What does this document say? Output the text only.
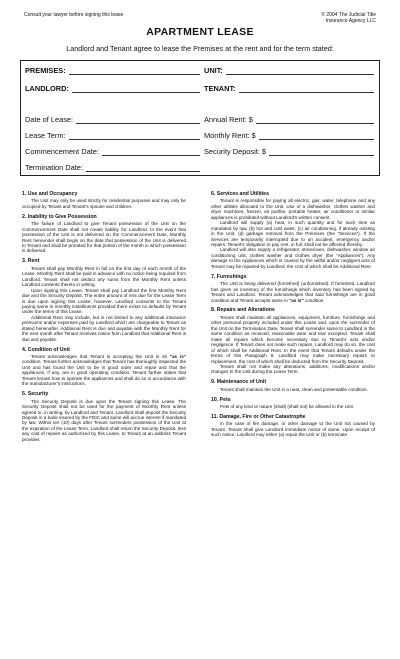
Consult your lawyer before signing this lease	© 2004 The Judicial Title
Insurance Agency LLC
APARTMENT LEASE
Landlord and Tenant agree to lease the Premises at the rent and for the term stated:
PREMISES:	UNIT:
LANDLORD:	TENANT:
Date of Lease:	Annual Rent: $
Lease Term:	Monthly Rent: $
Commencement Date:	Security Deposit: $
Termination Date:
1. Use and Occupancy

The Unit may only be used strictly for residential purposes and may only be occupied by Tenant and Tenant’s spouse and children.

2. Inability to Give Possession

The failure of Landlord to give Tenant possession of the Unit on the Commencement Date shall not create liability for Landlord. In the event that possession of the Unit is not delivered on the Commencement Date, Monthly Rent hereunder shall begin on the date that possession of the Unit is delivered to Tenant and shall be prorated for that portion of the month in which possession is delivered.

3. Rent

Tenant shall pay Monthly Rent in full on the first day of each month of the Lease. Monthly Rent shall be paid in advance with no notice being required from Landlord. Tenant shall not deduct any sums from the Monthly Rent unless Landlord consents thereto in writing.

Upon signing this Lease, Tenant shall pay Landlord the first Monthly Rent due and the Security Deposit. The entire amount of rent due for the Lease Term is due upon signing this Lease; however, Landlord consents to the Tenant paying same in monthly installments provided there exists no defaults by Tenant under the terms of this Lease.

Additional Rent may include, but is not limited to any additional insurance premiums and/or expenses paid by Landlord which are chargeable to Tenant as stated hereinafter. Additional Rent is due and payable with the Monthly Rent for the next month after Tenant receives notice from Landlord that Additional Rent is due and payable.

4. Condition of Unit

Tenant acknowledges that Tenant is accepting the Unit in its "as is" condition. Tenant further acknowledges that Tenant has thoroughly inspected the Unit and has found the Unit to be in good order and repair and that the appliances, if any, are in good operating condition. Tenant further states that Tenant knows how to operate the appliances and shall do so in accordance with the manufacturer’s instructions.

5. Security

The Security Deposit is due upon the Tenant signing this Lease. The Security Deposit shall not be used for the payment of Monthly Rent unless agreed to, in writing, by Landlord and Tenant. Landlord shall deposit the Security Deposit in a bank insured by the FDIC and same will accrue interest if mandated by law. Within ten (10) days after Tenant surrenders possession of the Unit at the expiration of the Lease Term, Landlord shall return the Security Deposit, less any cost of repairs as authorized by this Lease, to Tenant at an address Tenant provides.

6. Services and Utilities

Tenant is responsible for paying all electric, gas, water, telephone and any other utilities allocated to the Unit. Use of a dishwasher, clothes washer and dryer machines, freezer, air purifier, portable heater, air conditioner or similar appliances is prohibited without Landlord’s written consent.

Landlord will supply (a) heat, in such quantity and for such time as mandated by law, (b) hot and cold water, (c) air conditioning, if already existing in the Unit, (d) garbage removal from the Premises (the “Services”). If the Services are temporarily interrupted due to an accident, emergency and/or repairs, Tenant’s obligation to pay rent, in full, shall not be affected thereby.

Landlord will also supply a refrigerator, stove/oven, dishwasher, window air conditioning unit, clothes washer and clothes dryer (the “Appliances”). Any damage to the Appliances which is caused by the willful and/or negligent acts of Tenant may be repaired by Landlord, the cost of which shall be Additional Rent.

7. Furnishings

The Unit is being delivered (furnished) (unfurnished). If furnished, Landlord has given an inventory of the furnishings which inventory has been signed by Tenant and Landlord. Tenant acknowledges that said furnishings are in good condition and Tenant accepts same in "as is" condition.

8. Repairs and Alterations

Tenant shall maintain all appliances, equipment, furniture, furnishings and other personal property included under this Lease and, upon the surrender of the Unit on the Termination Date, Tenant shall surrender same to Landlord in the same condition as received, reasonable wear and tear excepted. Tenant shall make all repairs which become necessary due to Tenant’s acts and/or negligence. If Tenant does not make such repairs, Landlord may do so, the cost of which shall be Additional Rent. In the event that Tenant defaults under the terms of this Paragraph 9, Landlord may make necessary repairs or replacement, the cost of which shall be deducted from the Security Deposit.

Tenant shall not make any alterations, additions, modifications and/or changes to the Unit during the Lease Term.

9. Maintenance of Unit

Tenant shall maintain the Unit in a neat, clean and presentable condition.

10. Pets

Pets of any kind or nature (shall) (shall not) be allowed in the Unit.

11. Damage, Fire or Other Catastrophe

In the case of fire damage, or other damage to the Unit not caused by Tenant, Tenant shall give Landlord immediate notice of same. Upon receipt of such notice, Landlord may either (a) repair the Unit or (b) terminate
